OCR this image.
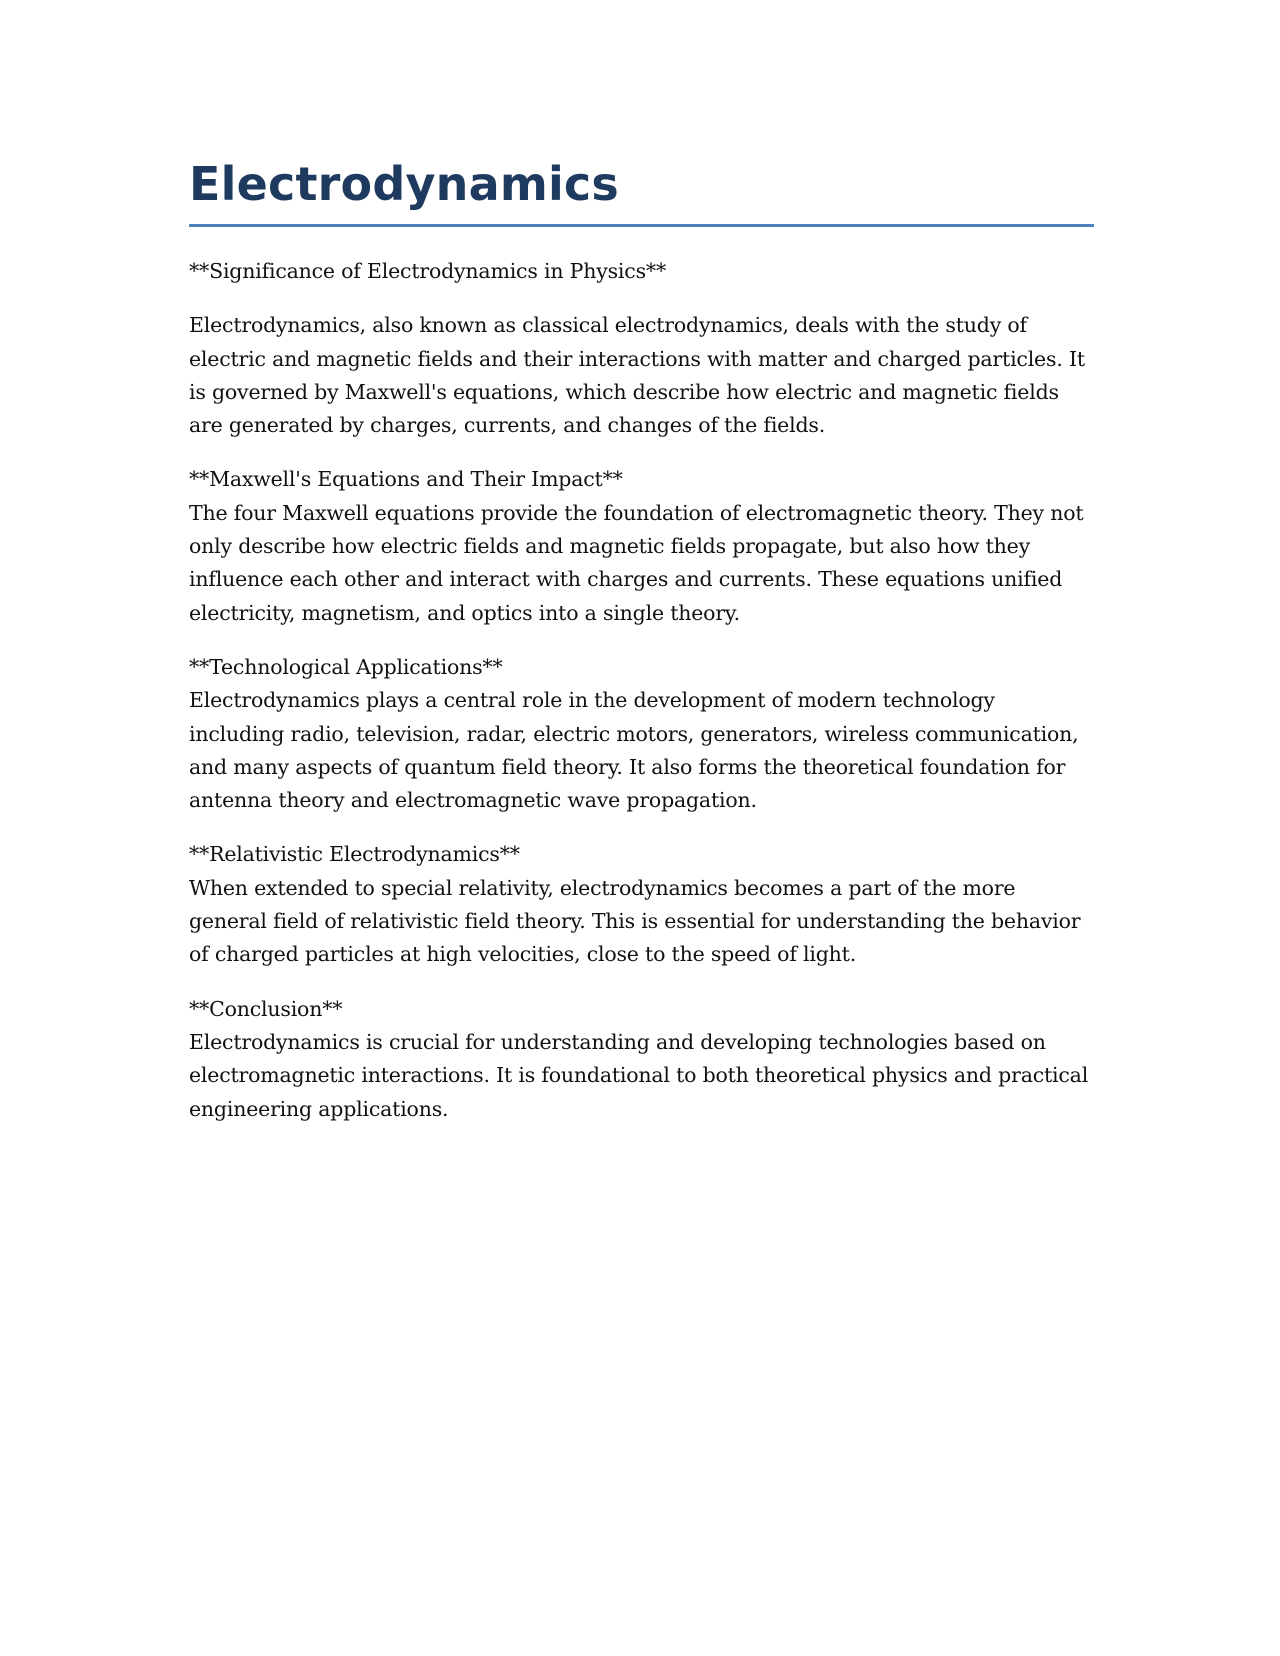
Electrodynamics

**Significance of Electrodynamics in Physics**

Electrodynamics, also known as classical electrodynamics, deals with the study of electric and magnetic fields and their interactions with matter and charged particles. It is governed by Maxwell's equations, which describe how electric and magnetic fields are generated by charges, currents, and changes of the fields.

**Maxwell's Equations and Their Impact**

The four Maxwell equations provide the foundation of electromagnetic theory. They not only describe how electric fields and magnetic fields propagate, but also how they influence each other and interact with charges and currents. These equations unified electricity, magnetism, and optics into a single theory.

**Technological Applications**

Electrodynamics plays a central role in the development of modern technology including radio, television, radar, electric motors, generators, wireless communication, and many aspects of quantum field theory. It also forms the theoretical foundation for antenna theory and electromagnetic wave propagation.

**Relativistic Electrodynamics**

When extended to special relativity, electrodynamics becomes a part of the more general field of relativistic field theory. This is essential for understanding the behavior of charged particles at high velocities, close to the speed of light.

**Conclusion**

Electrodynamics is crucial for understanding and developing technologies based on electromagnetic interactions. It is foundational to both theoretical physics and practical engineering applications.
